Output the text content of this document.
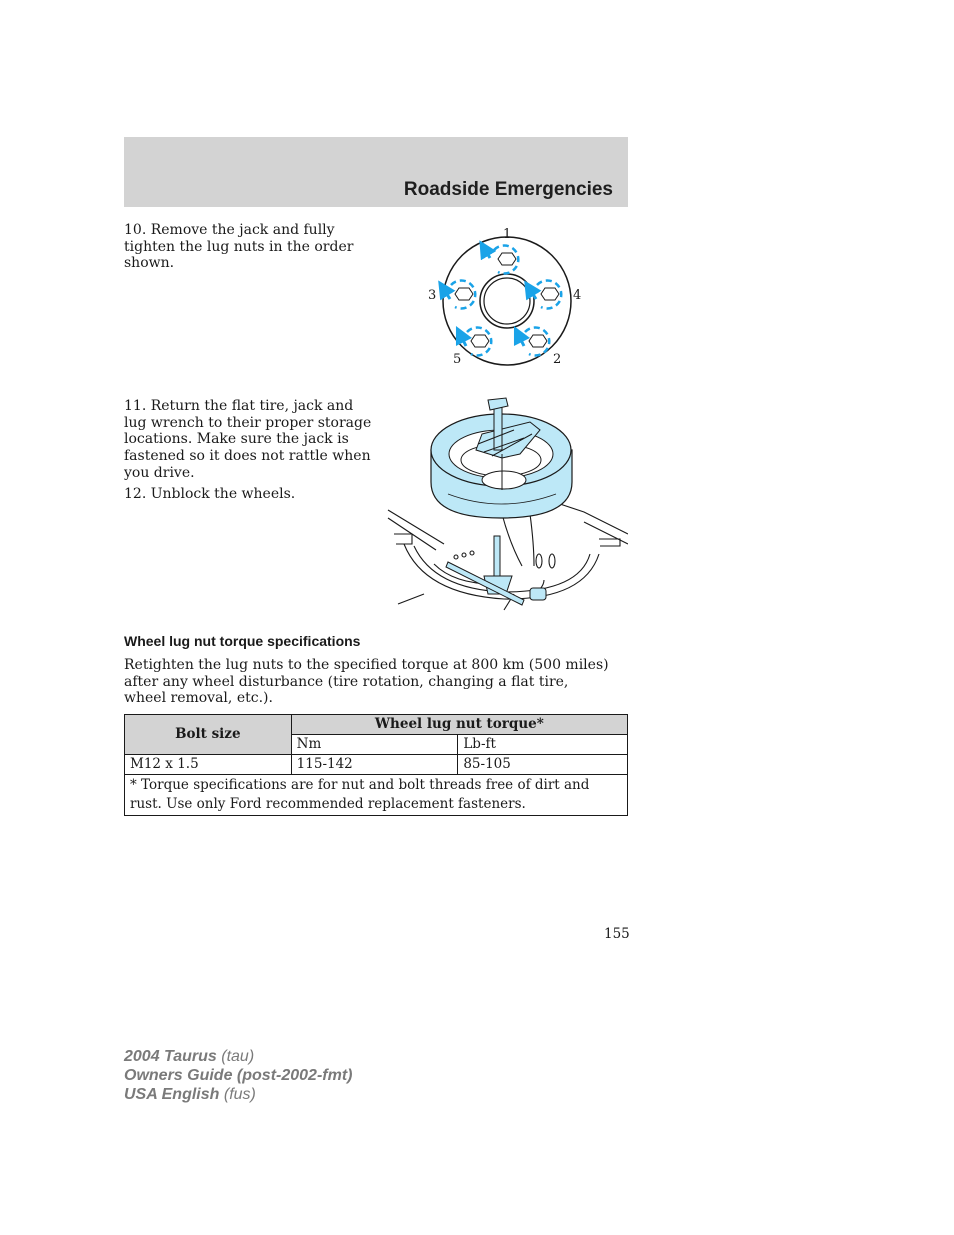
Roadside Emergencies

10. Remove the jack and fully tighten the lug nuts in the order shown.

1
2
3	4
5

11. Return the flat tire, jack and lug wrench to their proper storage locations. Make sure the jack is fastened so it does not rattle when you drive.

12. Unblock the wheels.

Wheel lug nut torque specifications

Retighten the lug nuts to the specified torque at 800 km (500 miles) after any wheel disturbance (tire rotation, changing a flat tire, wheel removal, etc.).

Bolt size	Wheel lug nut torque*	
	Nm	Lb-ft
M12 x 1.5	115-142	85-105
* Torque specifications are for nut and bolt threads free of dirt and rust. Use only Ford recommended replacement fasteners.		

155

2004 Taurus (tau)
Owners Guide (post-2002-fmt)
USA English (fus)
